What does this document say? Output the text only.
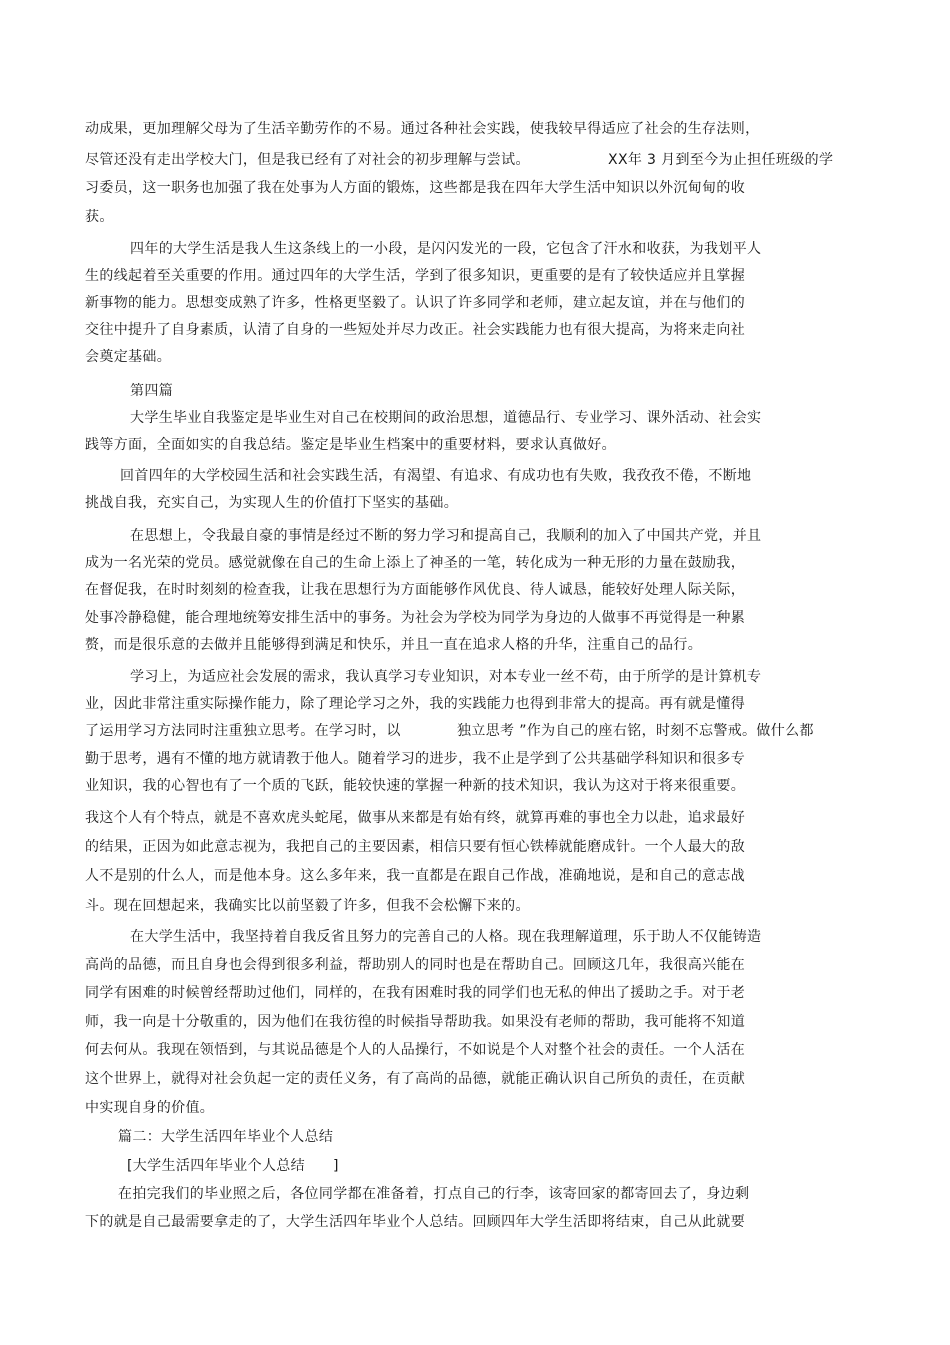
动成果，更加理解父母为了生活辛勤劳作的不易。通过各种社会实践，使我较早得适应了社会的生存法则，
尽管还没有走出学校大门，但是我已经有了对社会的初步理解与尝试。	XX年 3 月到至今为止担任班级的学
习委员，这一职务也加强了我在处事为人方面的锻炼，这些都是我在四年大学生活中知识以外沉甸甸的收
获。
四年的大学生活是我人生这条线上的一小段，是闪闪发光的一段，它包含了汗水和收获，为我划平人
生的线起着至关重要的作用。通过四年的大学生活，学到了很多知识，更重要的是有了较快适应并且掌握
新事物的能力。思想变成熟了许多，性格更坚毅了。认识了许多同学和老师，建立起友谊，并在与他们的
交往中提升了自身素质，认清了自身的一些短处并尽力改正。社会实践能力也有很大提高，为将来走向社
会奠定基础。
第四篇
大学生毕业自我鉴定是毕业生对自己在校期间的政治思想，道德品行、专业学习、课外活动、社会实
践等方面，全面如实的自我总结。鉴定是毕业生档案中的重要材料，要求认真做好。
回首四年的大学校园生活和社会实践生活，有渴望、有追求、有成功也有失败，我孜孜不倦，不断地
挑战自我，充实自己，为实现人生的价值打下坚实的基础。
在思想上，令我最自豪的事情是经过不断的努力学习和提高自己，我顺利的加入了中国共产党，并且
成为一名光荣的党员。感觉就像在自己的生命上添上了神圣的一笔，转化成为一种无形的力量在鼓励我，
在督促我，在时时刻刻的检查我，让我在思想行为方面能够作风优良、待人诚恳，能较好处理人际关际，
处事冷静稳健，能合理地统筹安排生活中的事务。为社会为学校为同学为身边的人做事不再觉得是一种累
赘，而是很乐意的去做并且能够得到满足和快乐，并且一直在追求人格的升华，注重自己的品行。
学习上，为适应社会发展的需求，我认真学习专业知识，对本专业一丝不苟，由于所学的是计算机专
业，因此非常注重实际操作能力，除了理论学习之外，我的实践能力也得到非常大的提高。再有就是懂得
了运用学习方法同时注重独立思考。在学习时，以	独立思考 ”作为自己的座右铭，时刻不忘警戒。做什么都
勤于思考，遇有不懂的地方就请教于他人。随着学习的进步，我不止是学到了公共基础学科知识和很多专
业知识，我的心智也有了一个质的飞跃，能较快速的掌握一种新的技术知识，我认为这对于将来很重要。
我这个人有个特点，就是不喜欢虎头蛇尾，做事从来都是有始有终，就算再难的事也全力以赴，追求最好
的结果，正因为如此意志视为，我把自己的主要因素，相信只要有恒心铁棒就能磨成针。一个人最大的敌
人不是别的什么人，而是他本身。这么多年来，我一直都是在跟自己作战，准确地说，是和自己的意志战
斗。现在回想起来，我确实比以前坚毅了许多，但我不会松懈下来的。
在大学生活中，我坚持着自我反省且努力的完善自己的人格。现在我理解道理，乐于助人不仅能铸造
高尚的品德，而且自身也会得到很多利益，帮助别人的同时也是在帮助自己。回顾这几年，我很高兴能在
同学有困难的时候曾经帮助过他们，同样的，在我有困难时我的同学们也无私的伸出了援助之手。对于老
师，我一向是十分敬重的，因为他们在我彷徨的时候指导帮助我。如果没有老师的帮助，我可能将不知道
何去何从。我现在领悟到，与其说品德是个人的人品操行，不如说是个人对整个社会的责任。一个人活在
这个世界上，就得对社会负起一定的责任义务，有了高尚的品德，就能正确认识自己所负的责任，在贡献
中实现自身的价值。
篇二：大学生活四年毕业个人总结
[大学生活四年毕业个人总结 ]
在拍完我们的毕业照之后，各位同学都在准备着，打点自己的行李，该寄回家的都寄回去了，身边剩
下的就是自己最需要拿走的了，大学生活四年毕业个人总结。回顾四年大学生活即将结束，自己从此就要
